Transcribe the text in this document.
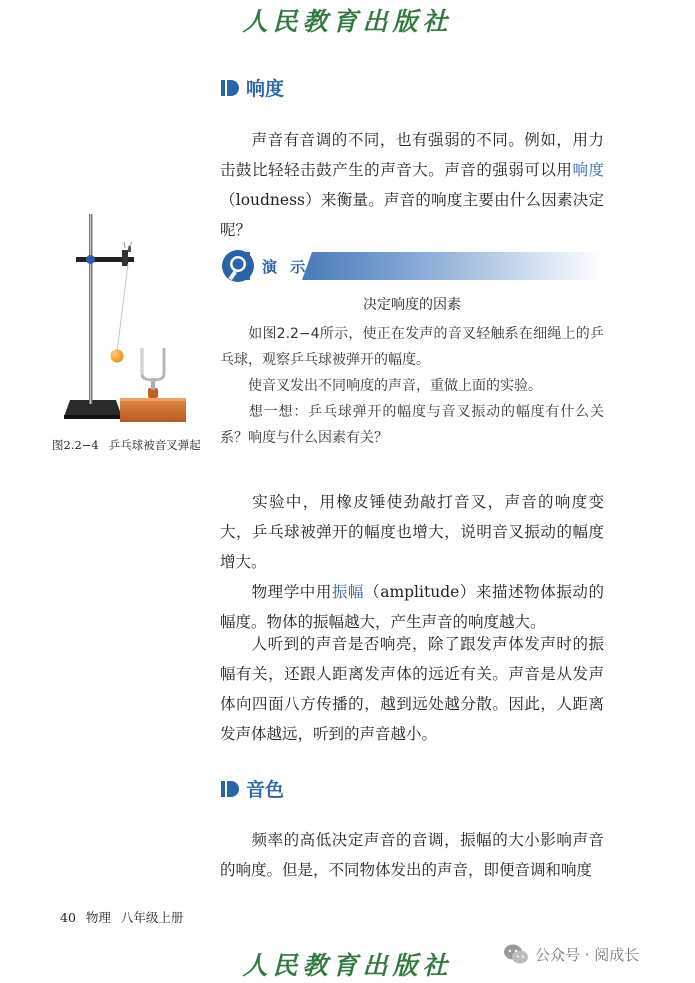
人民教育出版社
响度

声音有音调的不同，也有强弱的不同。例如，用力击鼓比轻轻击鼓产生的声音大。声音的强弱可以用响度（loudness）来衡量。声音的响度主要由什么因素决定呢？

图2.2−4 乒乓球被音叉弹起
演 示
决定响度的因素

如图2.2−4所示，使正在发声的音叉轻触系在细绳上的乒乓球，观察乒乓球被弹开的幅度。

使音叉发出不同响度的声音，重做上面的实验。

想一想：乒乓球弹开的幅度与音叉振动的幅度有什么关系？响度与什么因素有关？

实验中，用橡皮锤使劲敲打音叉，声音的响度变大，乒乓球被弹开的幅度也增大，说明音叉振动的幅度增大。

物理学中用振幅（amplitude）来描述物体振动的幅度。物体的振幅越大，产生声音的响度越大。

人听到的声音是否响亮，除了跟发声体发声时的振幅有关，还跟人距离发声体的远近有关。声音是从发声体向四面八方传播的，越到远处越分散。因此，人距离发声体越远，听到的声音越小。

音色

频率的高低决定声音的音调，振幅的大小影响声音的响度。但是，不同物体发出的声音，即便音调和响度

40 物理 八年级上册
人民教育出版社	公众号 · 阅成长
